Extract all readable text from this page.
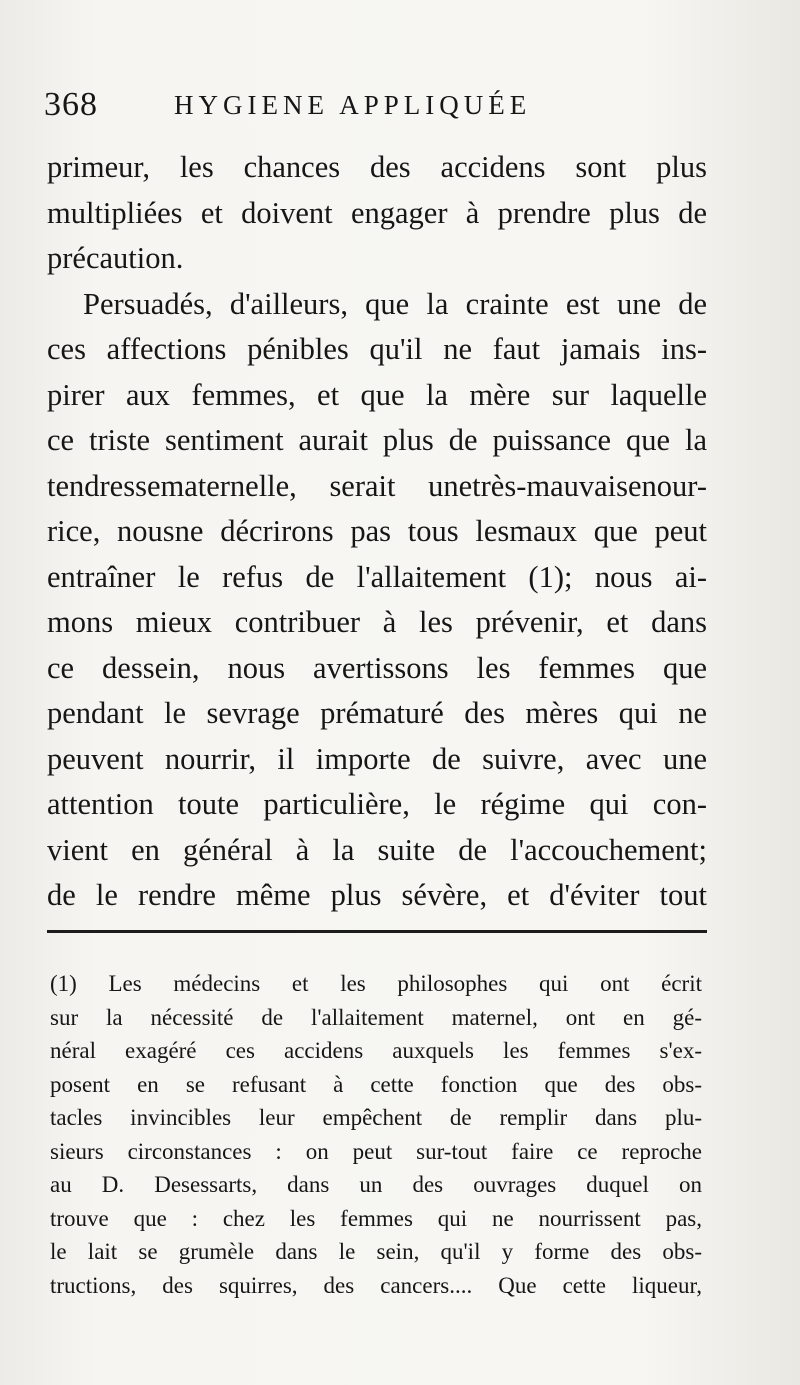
368	HYGIENE APPLIQUÉE
primeur, les chances des accidens sont plus
multipliées et doivent engager à prendre plus de
précaution.
Persuadés, d'ailleurs, que la crainte est une de
ces affections pénibles qu'il ne faut jamais ins-
pirer aux femmes, et que la mère sur laquelle
ce triste sentiment aurait plus de puissance que la
tendressematernelle, serait unetrès-mauvaisenour-
rice, nousne décrirons pas tous lesmaux que peut
entraîner le refus de l'allaitement (1); nous ai-
mons mieux contribuer à les prévenir, et dans
ce dessein, nous avertissons les femmes que
pendant le sevrage prématuré des mères qui ne
peuvent nourrir, il importe de suivre, avec une
attention toute particulière, le régime qui con-
vient en général à la suite de l'accouchement;
de le rendre même plus sévère, et d'éviter tout
(1) Les médecins et les philosophes qui ont écrit
sur la nécessité de l'allaitement maternel, ont en gé-
néral exagéré ces accidens auxquels les femmes s'ex-
posent en se refusant à cette fonction que des obs-
tacles invincibles leur empêchent de remplir dans plu-
sieurs circonstances : on peut sur-tout faire ce reproche
au D. Desessarts, dans un des ouvrages duquel on
trouve que : chez les femmes qui ne nourrissent pas,
le lait se grumèle dans le sein, qu'il y forme des obs-
tructions, des squirres, des cancers.... Que cette liqueur,
